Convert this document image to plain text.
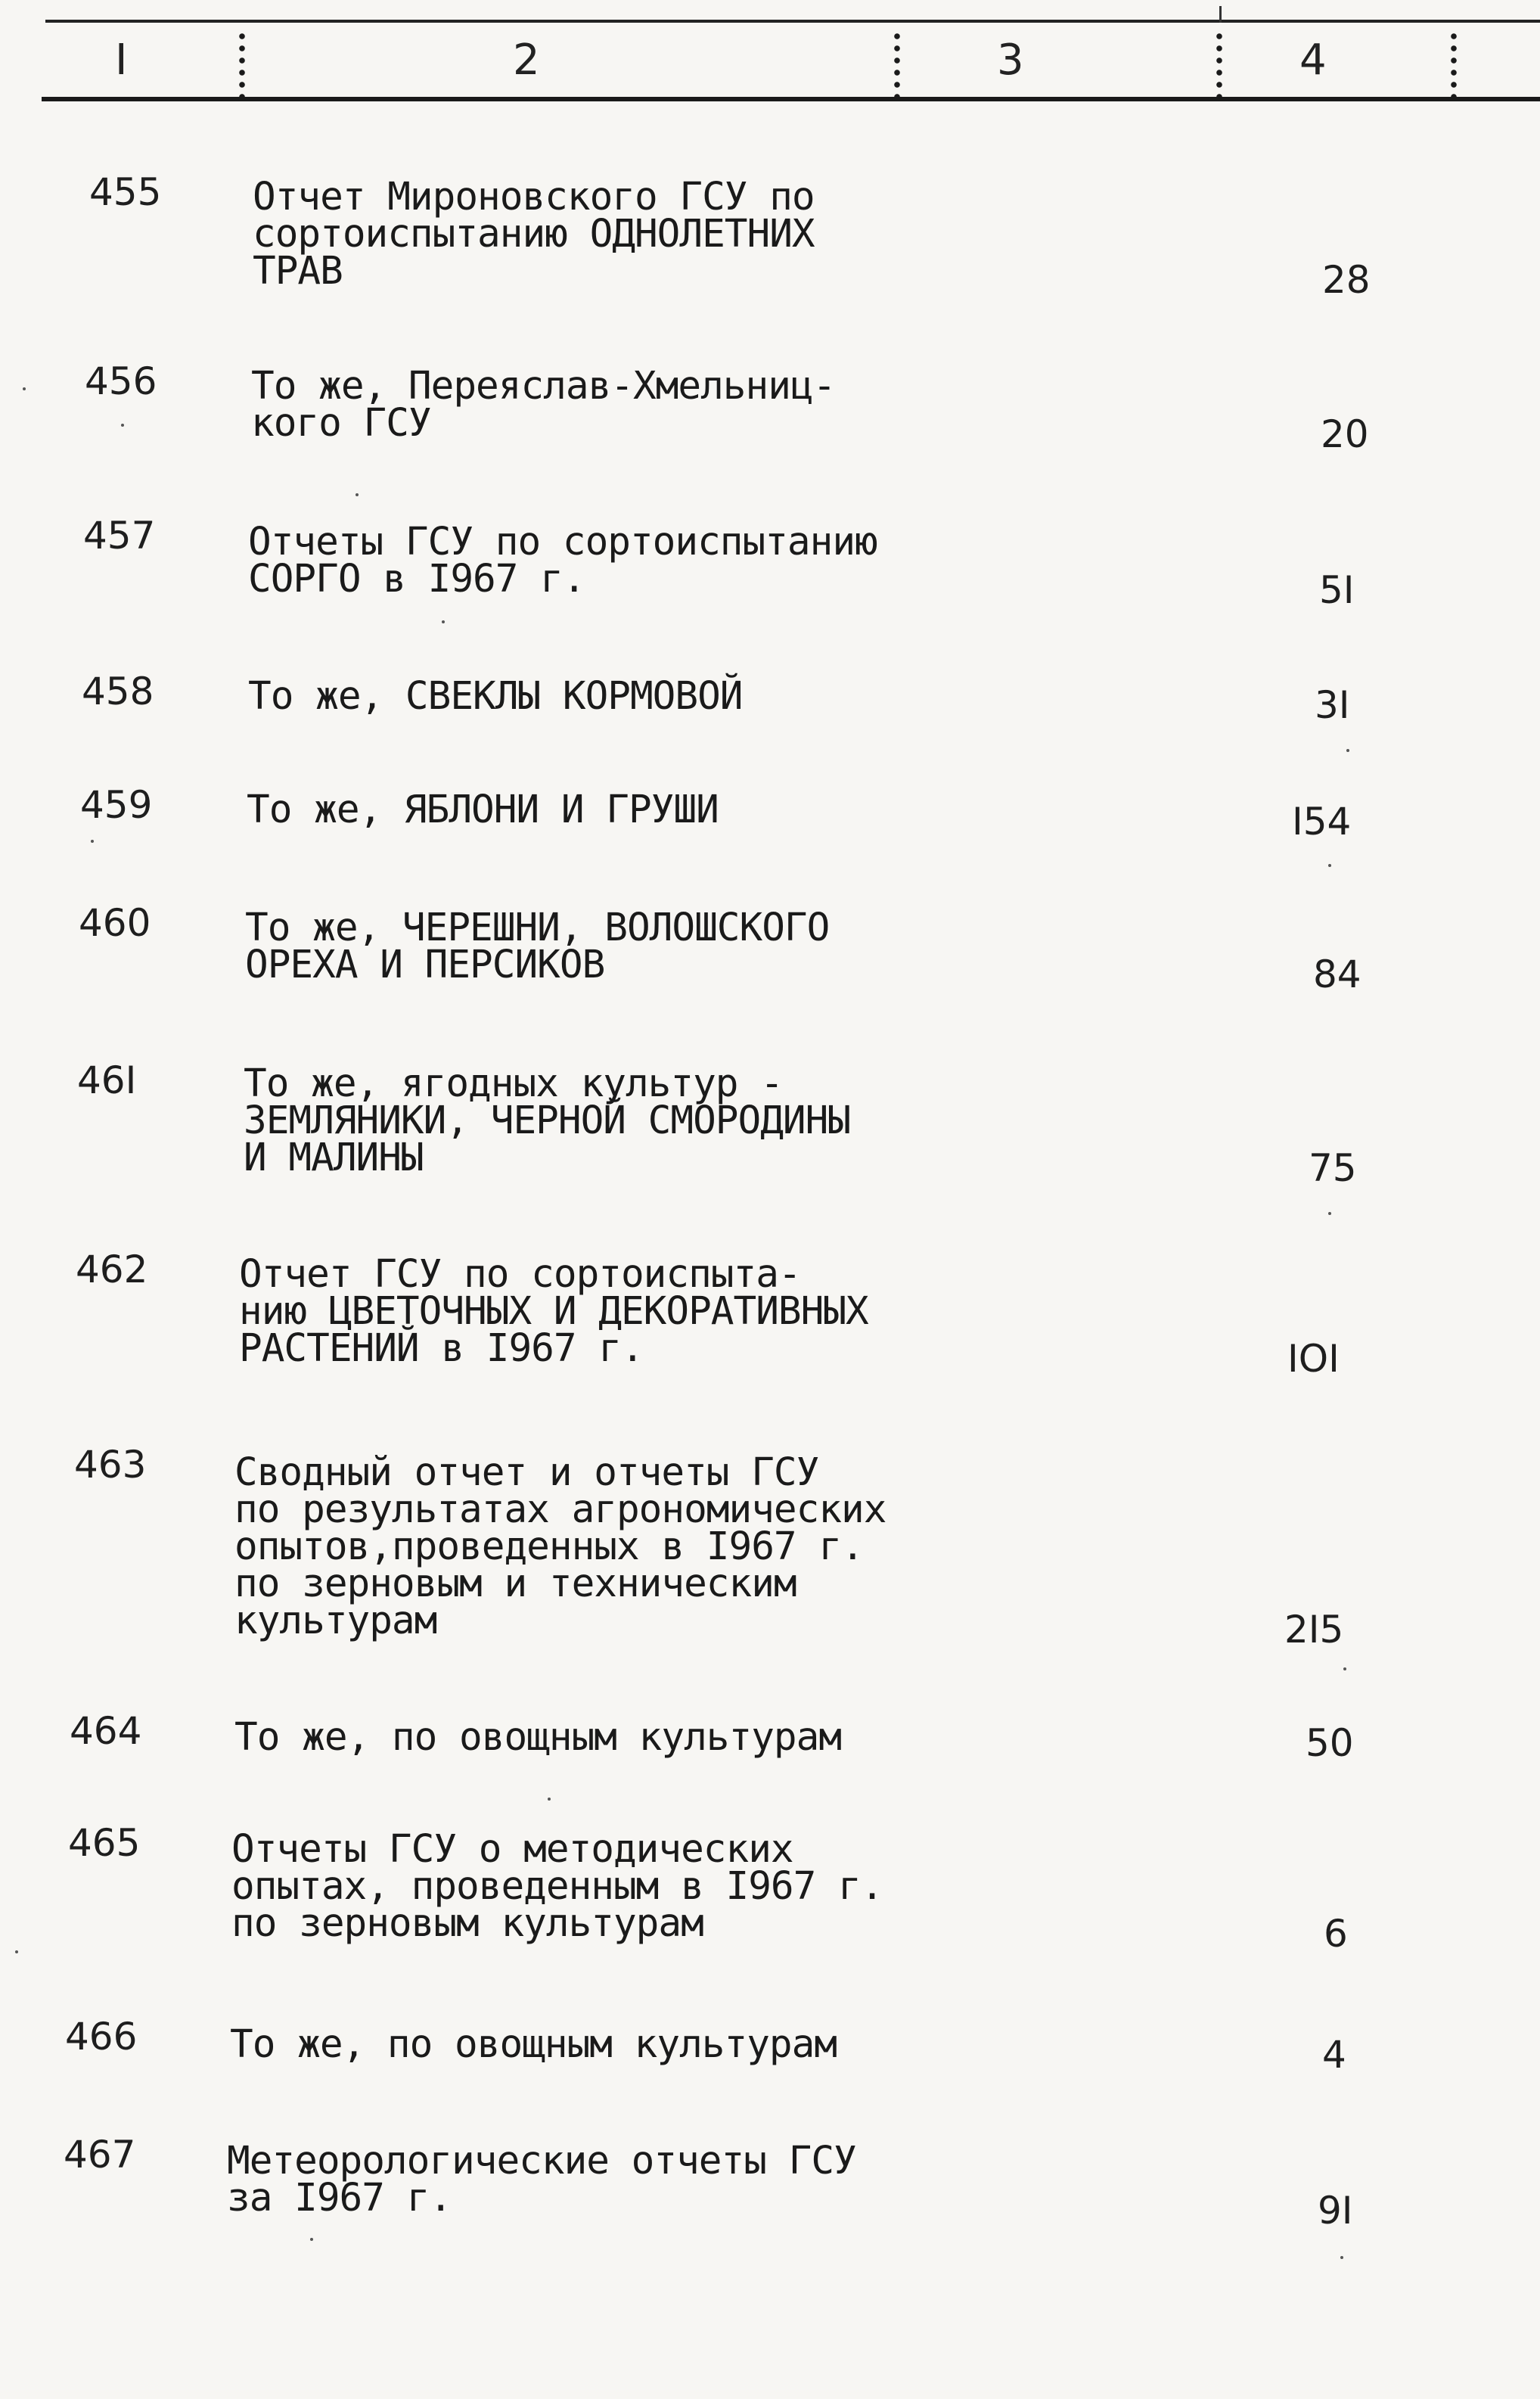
I	2	3	4
455 Отчет Мироновского ГСУ по
сортоиспытанию ОДНОЛЕТНИХ
ТРАВ	28
456 То же, Переяслав-Хмельниц-
кого ГСУ	20
457 Отчеты ГСУ по сортоиспытанию
СОРГО в I967 г.	5I
458 То же, СВЕКЛЫ КОРМОВОЙ	3I
459 То же, ЯБЛОНИ И ГРУШИ	I54
460 То же, ЧЕРЕШНИ, ВОЛОШСКОГО
ОРЕХА И ПЕРСИКОВ	84
46I	То же, ягодных культур -
ЗЕМЛЯНИКИ, ЧЕРНОЙ СМОРОДИНЫ
И МАЛИНЫ	75
462 Отчет ГСУ по сортоиспыта-
нию ЦВЕТОЧНЫХ И ДЕКОРАТИВНЫХ
РАСТЕНИЙ в I967 г.	IOI
463 Сводный отчет и отчеты ГСУ
по результатах агрономических
опытов,проведенных в I967 г.
по зерновым и техническим
культурам	2I5
464 То же, по овощным культурам	50
465 Отчеты ГСУ о методических
опытах, проведенным в I967 г.
по зерновым культурам	6
466 То же, по овощным культурам	4
467 Метеорологические отчеты ГСУ
за I967 г.	9I
